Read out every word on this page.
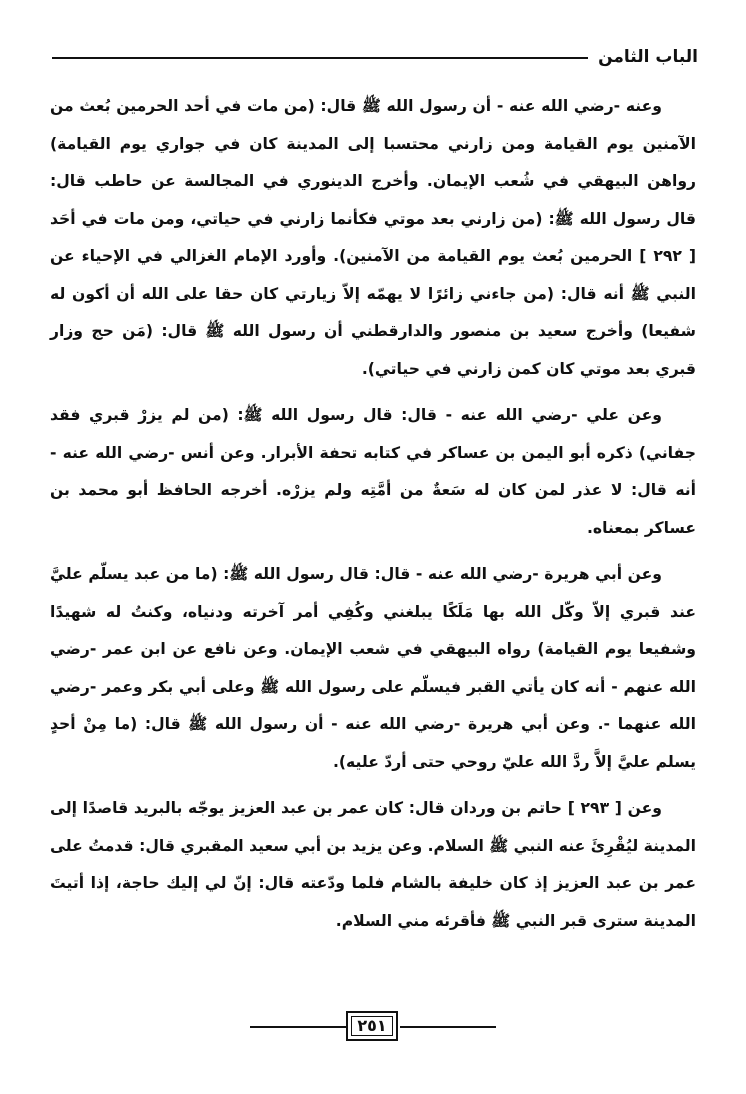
الباب الثامن

وعنه -رضي الله عنه - أن رسول الله ﷺ قال: (من مات في أحد الحرمين بُعث من الآمنين يوم القيامة ومن زارني محتسبا إلى المدينة كان في جواري يوم القيامة) رواهن البيهقي في شُعب الإيمان. وأخرج الدينوري في المجالسة عن حاطب قال: قال رسول الله ﷺ: (من زارني بعد موتي فكأنما زارني في حياتي، ومن مات في أحَد [ ٢٩٢ ] الحرمين بُعث يوم القيامة من الآمنين). وأورد الإمام الغزالي في الإحياء عن النبي ﷺ أنه قال: (من جاءني زائرًا لا يهمّه إلاّ زيارتي كان حقا على الله أن أكون له شفيعا) وأخرج سعيد بن منصور والدارقطني أن رسول الله ﷺ قال: (مَن حج وزار قبري بعد موتي كان كمن زارني في حياتي).

وعن علي -رضي الله عنه - قال: قال رسول الله ﷺ: (من لم يزرْ قبري فقد جفاني) ذكره أبو اليمن بن عساكر في كتابه تحفة الأبرار. وعن أنس -رضي الله عنه - أنه قال: لا عذر لمن كان له سَعةٌ من أمَّتِه ولم يزرْه. أخرجه الحافظ أبو محمد بن عساكر بمعناه.

وعن أبي هريرة -رضي الله عنه - قال: قال رسول الله ﷺ: (ما من عبد يسلّم عليَّ عند قبري إلاّ وكّل الله بها مَلَكًا يبلغني وكُفِي أمر آخرته ودنياه، وكنتُ له شهيدًا وشفيعا يوم القيامة) رواه البيهقي في شعب الإيمان. وعن نافع عن ابن عمر -رضي الله عنهم - أنه كان يأتي القبر فيسلّم على رسول الله ﷺ وعلى أبي بكر وعمر -رضي الله عنهما -. وعن أبي هريرة -رضي الله عنه - أن رسول الله ﷺ قال: (ما مِنْ أحدٍ يسلم عليَّ إلاَّ ردَّ الله عليّ روحي حتى أردّ عليه).

وعن [ ٢٩٣ ] حاتم بن وردان قال: كان عمر بن عبد العزيز يوجّه بالبريد قاصدًا إلى المدينة ليُقْرِئَ عنه النبي ﷺ السلام. وعن يزيد بن أبي سعيد المقبري قال: قدمتُ على عمر بن عبد العزيز إذ كان خليفة بالشام فلما ودّعته قال: إنّ لي إليك حاجة، إذا أتيتَ المدينة سترى قبر النبي ﷺ فأقرئه مني السلام.

٢٥١
